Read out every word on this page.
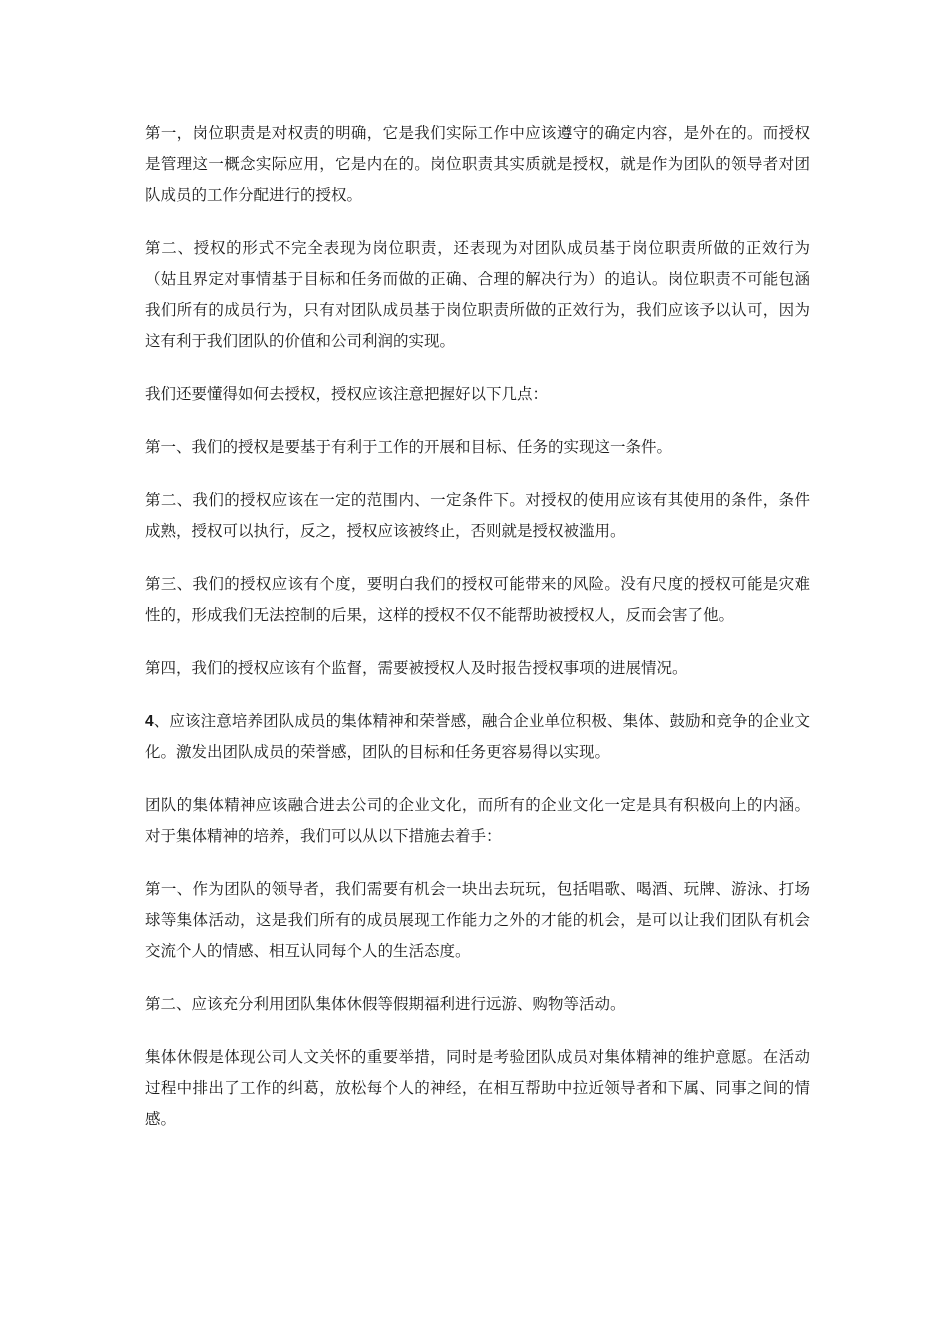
第一，岗位职责是对权责的明确，它是我们实际工作中应该遵守的确定内容，是外在的。而授权是管理这一概念实际应用，它是内在的。岗位职责其实质就是授权，就是作为团队的领导者对团队成员的工作分配进行的授权。

第二、授权的形式不完全表现为岗位职责，还表现为对团队成员基于岗位职责所做的正效行为（姑且界定对事情基于目标和任务而做的正确、合理的解决行为）的追认。岗位职责不可能包涵我们所有的成员行为，只有对团队成员基于岗位职责所做的正效行为，我们应该予以认可，因为这有利于我们团队的价值和公司利润的实现。

我们还要懂得如何去授权，授权应该注意把握好以下几点：

第一、我们的授权是要基于有利于工作的开展和目标、任务的实现这一条件。

第二、我们的授权应该在一定的范围内、一定条件下。对授权的使用应该有其使用的条件，条件成熟，授权可以执行，反之，授权应该被终止，否则就是授权被滥用。

第三、我们的授权应该有个度，要明白我们的授权可能带来的风险。没有尺度的授权可能是灾难性的，形成我们无法控制的后果，这样的授权不仅不能帮助被授权人，反而会害了他。

第四，我们的授权应该有个监督，需要被授权人及时报告授权事项的进展情况。

4、应该注意培养团队成员的集体精神和荣誉感，融合企业单位积极、集体、鼓励和竞争的企业文化。激发出团队成员的荣誉感，团队的目标和任务更容易得以实现。

团队的集体精神应该融合进去公司的企业文化，而所有的企业文化一定是具有积极向上的内涵。对于集体精神的培养，我们可以从以下措施去着手：

第一、作为团队的领导者，我们需要有机会一块出去玩玩，包括唱歌、喝酒、玩牌、游泳、打场球等集体活动，这是我们所有的成员展现工作能力之外的才能的机会，是可以让我们团队有机会交流个人的情感、相互认同每个人的生活态度。

第二、应该充分利用团队集体休假等假期福利进行远游、购物等活动。

集体休假是体现公司人文关怀的重要举措，同时是考验团队成员对集体精神的维护意愿。在活动过程中排出了工作的纠葛，放松每个人的神经，在相互帮助中拉近领导者和下属、同事之间的情感。
